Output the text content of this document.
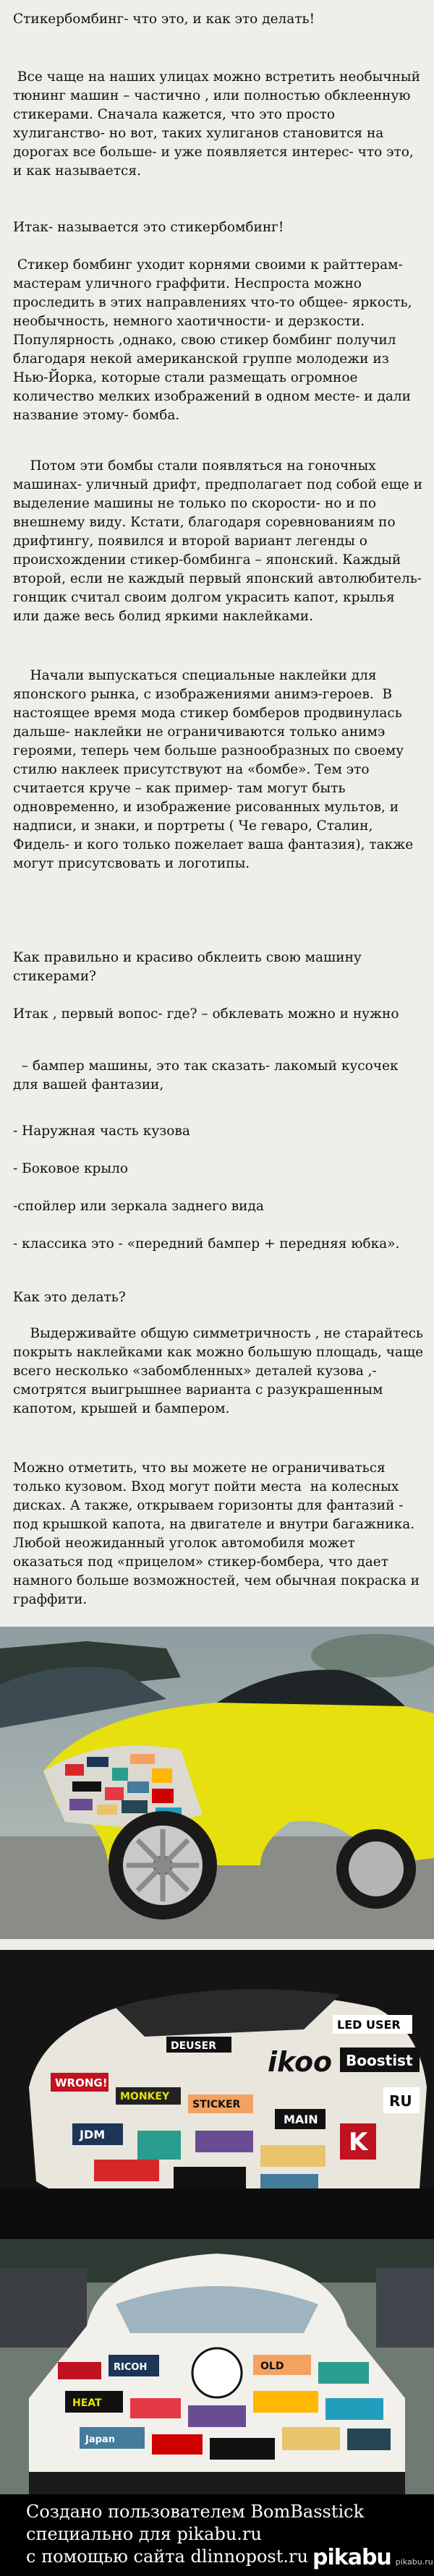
Стикербомбинг- что это, и как это делать!

Все чаще на наших улицах можно встретить необычный тюнинг машин – частично , или полностью обклеенную  стикерами. Сначала кажется, что это просто хулиганство- но вот, таких хулиганов становится на дорогах все больше- и уже появляется интерес- что это, и как называется.

Итак- называется это стикербомбинг!

Стикер бомбинг уходит корнями своими к райттерам- мастерам уличного граффити. Неспроста можно проследить в этих направлениях что-то общее- яркость, необычность, немного хаотичности- и дерзкости.  Популярность ,однако, свою стикер бомбинг получил  благодаря некой американской группе молодежи из Нью-Йорка, которые стали размещать огромное количество мелких изображений в одном месте- и дали название этому- бомба.

Потом эти бомбы стали появляться на гоночных машинах- уличный дрифт, предполагает под собой еще и выделение машины не только по скорости- но и по внешнему виду. Кстати, благодаря соревнованиям по дрифтингу, появился и второй вариант легенды о происхождении стикер-бомбинга – японский. Каждый второй, если не каждый первый японский автолюбитель-гонщик считал своим долгом украсить капот, крылья или даже весь болид яркими наклейками.

Начали выпускаться специальные наклейки для японского рынка, с изображениями анимэ-героев.  В настоящее время мода стикер бомберов продвинулась дальше- наклейки не ограничиваются только анимэ героями, теперь чем больше разнообразных по своему стилю наклеек присутствуют на «бомбе». Тем это считается круче – как пример- там могут быть одновременно, и изображение рисованных мультов, и надписи, и знаки, и портреты ( Че геваро, Сталин, Фидель- и кого только пожелает ваша фантазия), также могут присутсвовать и логотипы.

Как правильно и красиво обклеить свою машину стикерами?

Итак , первый вопос- где? – обклевать можно и нужно

– бампер машины, это так сказать- лакомый кусочек для вашей фантазии,

- Наружная часть кузова

- Боковое крыло

-спойлер или зеркала заднего вида

- классика это - «передний бампер + передняя юбка».

Как это делать?

Выдерживайте общую симметричность , не старайтесь покрыть наклейками как можно большую площадь, чаще всего несколько «забомбленных» деталей кузова ,- смотрятся выигрышнее варианта с разукрашенным капотом, крышей и бампером.

Можно отметить, что вы можете не ограничиваться только кузовом. Вход могут пойти места  на колесных дисках. А также, открываем горизонты для фантазий - под крышкой капота, на двигателе и внутри багажника. Любой неожиданный уголок автомобиля может оказаться под «прицелом» стикер-бомбера, что дает намного больше возможностей, чем обычная покраска и граффити.

LED USER
DEUSER ikoo Boostist
WRONG!
MONKEY
STICKER
K
MAIN
RU
JDM
RICOH	OLD
HEAT
Japan
Создано пользователем BomBasstick
специально для pikabu.ru
с помощью сайта dlinnopost.ru pikabu pikabu.ru
